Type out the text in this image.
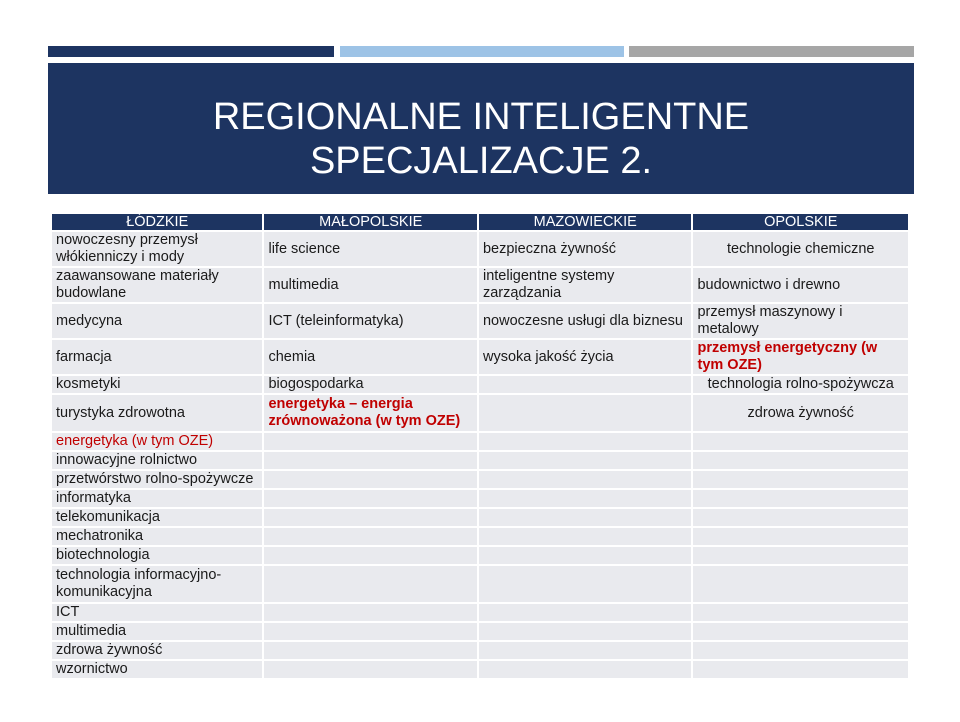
REGIONALNE INTELIGENTNE
SPECJALIZACJE 2.
ŁÓDZKIE	MAŁOPOLSKIE	MAZOWIECKIE	OPOLSKIE
nowoczesny przemysł włókienniczy i mody	life science	bezpieczna żywność	technologie chemiczne
zaawansowane materiały budowlane	multimedia	inteligentne systemy zarządzania	budownictwo i drewno
medycyna	ICT (teleinformatyka)	nowoczesne usługi dla biznesu	przemysł maszynowy i metalowy
farmacja	chemia	wysoka jakość życia	przemysł energetyczny (w tym OZE)
kosmetyki	biogospodarka		technologia rolno-spożywcza
turystyka zdrowotna	energetyka – energia zrównoważona (w tym OZE)		zdrowa żywność
energetyka (w tym OZE)			
innowacyjne rolnictwo			
przetwórstwo rolno-spożywcze			
informatyka			
telekomunikacja			
mechatronika			
biotechnologia			
technologia informacyjno-komunikacyjna			
ICT			
multimedia			
zdrowa żywność			
wzornictwo			
